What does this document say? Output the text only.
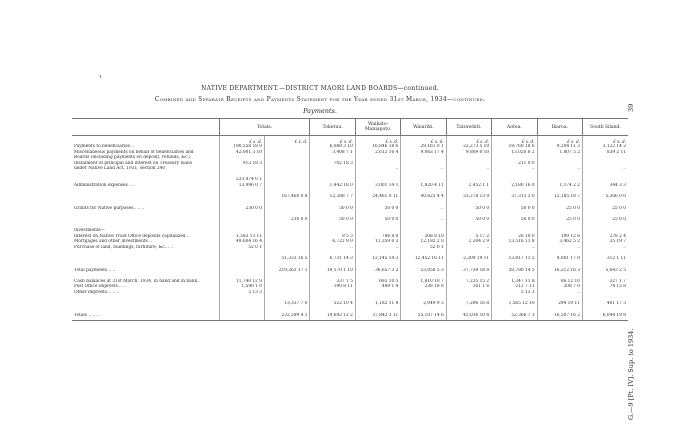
NATIVE DEPARTMENT.—DISTRICT MAORI LAND BOARDS—continued.
Combined and Separate Receipts and Payments Statement for the Year ended 31st March, 1934—continued.
Payments.
G.—9 [Pt. IV]. Sup. to 1934.
39
	Totals.		Tokerau.	Waikato-Maniapoto.	Waiariki.	Tairawhiti.	Aotea.	Ikaroa.	South Island.
	£ s. d.	£ s. d.	£ s. d.	£ s. d.	£ s. d.	£ s. d.	£ s. d.	£ s. d.	£ s. d.
Payments to beneficiaries ..	190,558 18 0		6,088 3 10	16,846 18 6	29,161 0 1	22,273 5 10	19,760 18 6	9,204 11 3	3,122 14 2
Miscellaneous payments on behalf of beneficiaries and	42,001 3 10		3,408 7 1	2,612 16 4	9,063 17 4	9,809 0 10	13,020 8 2	1,807 5 2	839 2 11
Boards (including payments on deposit, refunds, &c.)									
Instalment of principal and interest on Treasury loans	913 18 3		702 18 3				211 0 0		
under Native Land Act, 1931, section 240				..	..	..	..	..	..

	233,474 0 1								
Administration expenses .. ..	13,996 0 7		1,442 18 0	3,001 14 1	1,820 4 11	2,452 1 1	2,180 16 0	1,174 2 2	344 3 3

		167,460 0 8	12,388 7 7	24,461 0 11	40,625 4 4	33,278 13 9	37,313 3 0	12,185 18 7	5,306 0 0

Grants for Native purposes.. .. ..	230 0 0		50 0 0	50 0 0	..	50 0 0	50 0 0	25 0 0	25 0 0

		230 0 0	50 0 0	50 0 0	..	50 0 0	50 0 0	25 0 0	25 0 0

Investments—									
Interest on Native Trust Office deposits capitalized ..	1,583 13 11		9 5 3	786 8 0	208 8 10	5 17 2	26 10 0	199 12 6	278 2 4
Mortgages and other investments ..	49,604 16 4		6,722 9 0	11,359 0 3	12,192 2 0	2,304 2 9	13,518 11 8	3,462 5 2	35 19 7
Purchase of land, buildings, furniture, &c... ..	52 0 1		..	..	52 0 1	..	..	..	..

		51,333 16 5	6,731 14 3	12,145 14 3	12,452 16 11	2,309 19 11	13,817 11 5	4,001 17 8	312 1 11

Total payments .. ..		219,263 17 1	19,170 1 10	36,657 3 2	53,058 5 3	37,739 18 8	50,780 14 5	16,212 16 3	5,643 2 5

Cash balances at 31st March, 1934, in hand and in bank..	11,740 12 9		337 1 5	693 10 5	1,810 10 7	7,235 15 2	1,347 11 8	86 12 10	327 1 7
Post Office imprests .. ..	1,590 1 0		190 8 11	489 1 4	238 18 8	161 1 6	212 7 11	208 7 0	74 15 8
Other imprests .. .. ..	5 13 3						5 13 3	..	

		13,337 7 0	522 10 4	1,182 11 9	2,049 9 3	7,296 16 8	1,565 12 10	294 19 11	401 17 3

Totals .. .. ..		232,599 4 1	19,692 12 2	37,842 3 11	55,107 14 6	45,036 10 4	52,366 7 3	16,507 16 2	6,044 19 8
